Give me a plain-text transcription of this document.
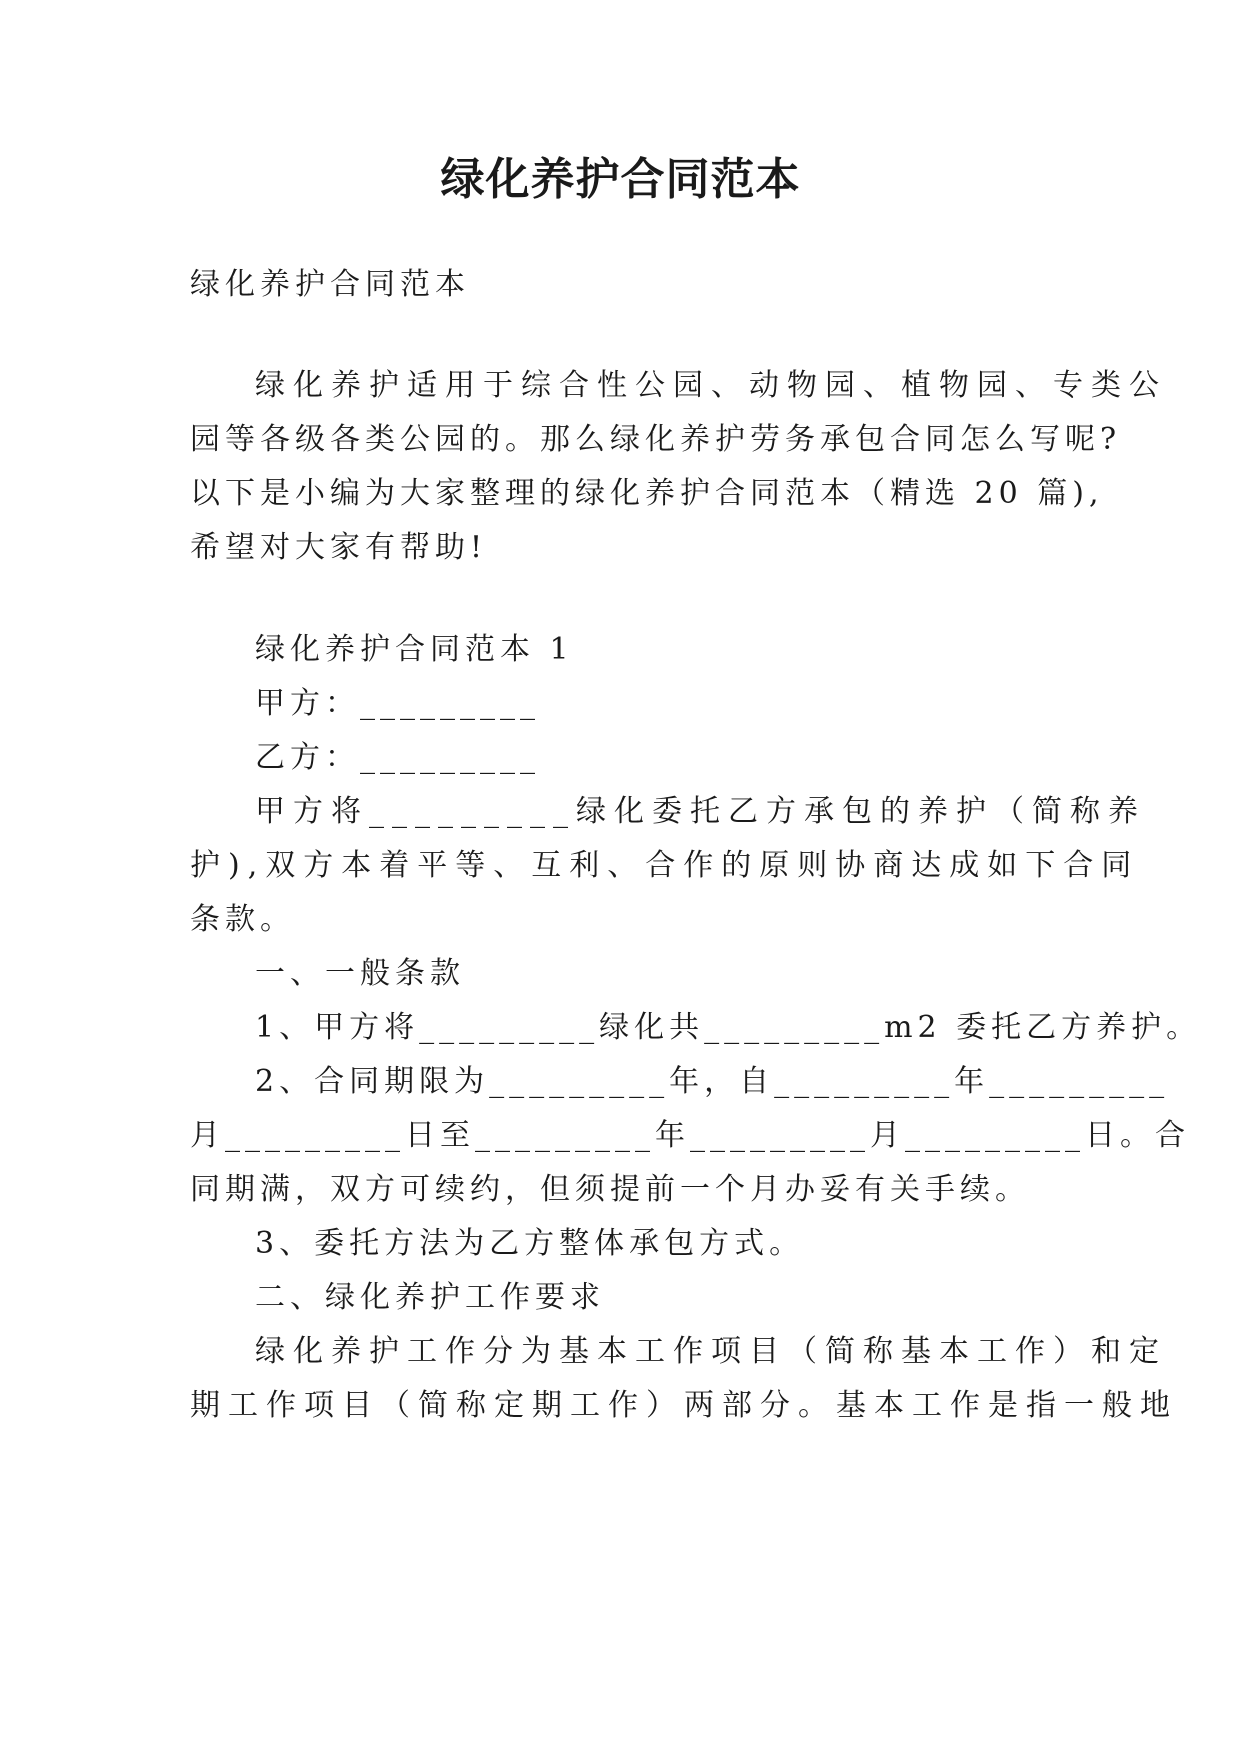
绿化养护合同范本
绿化养护合同范本
绿化养护适用于综合性公园、动物园、植物园、专类公
园等各级各类公园的。那么绿化养护劳务承包合同怎么写呢?
以下是小编为大家整理的绿化养护合同范本（精选 20 篇),
希望对大家有帮助!
绿化养护合同范本 1
甲方：_________
乙方：_________
甲方将_________绿化委托乙方承包的养护（简称养
护),双方本着平等、互利、合作的原则协商达成如下合同
条款。
一、一般条款
1、甲方将_________绿化共_________m2 委托乙方养护。
2、合同期限为_________年，自_________年_________
月_________日至_________年_________月_________日。合
同期满，双方可续约，但须提前一个月办妥有关手续。
3、委托方法为乙方整体承包方式。
二、绿化养护工作要求
绿化养护工作分为基本工作项目（简称基本工作）和定
期工作项目（简称定期工作）两部分。基本工作是指一般地
